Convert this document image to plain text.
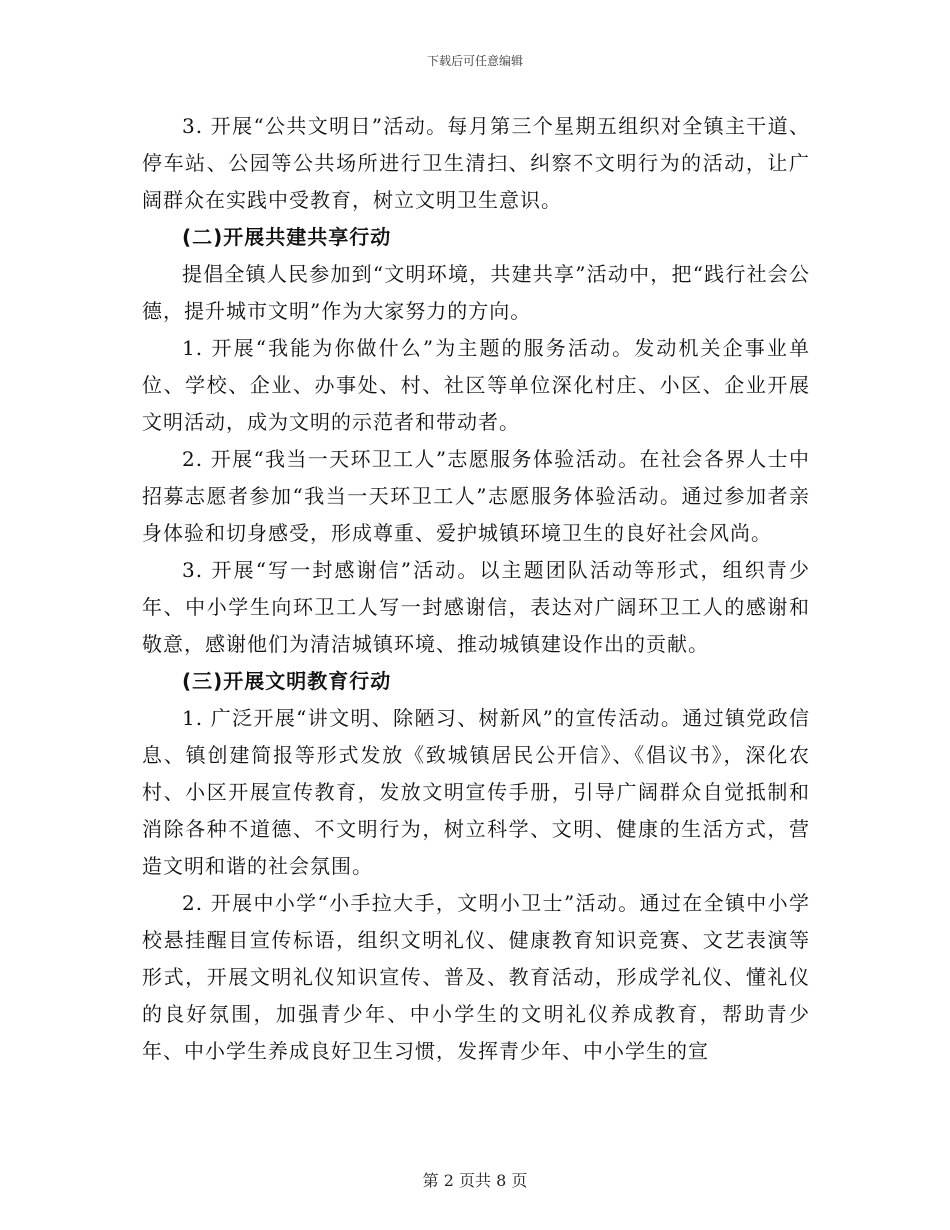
下载后可任意编辑

3. 开展“公共文明日”活动。每月第三个星期五组织对全镇主干道、停车站、公园等公共场所进行卫生清扫、纠察不文明行为的活动，让广阔群众在实践中受教育，树立文明卫生意识。

(二)开展共建共享行动

提倡全镇人民参加到“文明环境，共建共享”活动中，把“践行社会公德，提升城市文明”作为大家努力的方向。

1. 开展“我能为你做什么”为主题的服务活动。发动机关企事业单位、学校、企业、办事处、村、社区等单位深化村庄、小区、企业开展文明活动，成为文明的示范者和带动者。

2. 开展“我当一天环卫工人”志愿服务体验活动。在社会各界人士中招募志愿者参加“我当一天环卫工人”志愿服务体验活动。通过参加者亲身体验和切身感受，形成尊重、爱护城镇环境卫生的良好社会风尚。

3. 开展“写一封感谢信”活动。以主题团队活动等形式，组织青少年、中小学生向环卫工人写一封感谢信，表达对广阔环卫工人的感谢和敬意，感谢他们为清洁城镇环境、推动城镇建设作出的贡献。

(三)开展文明教育行动

1. 广泛开展“讲文明、除陋习、树新风”的宣传活动。通过镇党政信息、镇创建简报等形式发放《致城镇居民公开信》、《倡议书》，深化农村、小区开展宣传教育，发放文明宣传手册，引导广阔群众自觉抵制和消除各种不道德、不文明行为，树立科学、文明、健康的生活方式，营造文明和谐的社会氛围。

2. 开展中小学“小手拉大手，文明小卫士”活动。通过在全镇中小学校悬挂醒目宣传标语，组织文明礼仪、健康教育知识竞赛、文艺表演等形式，开展文明礼仪知识宣传、普及、教育活动，形成学礼仪、懂礼仪的良好氛围，加强青少年、中小学生的文明礼仪养成教育，帮助青少年、中小学生养成良好卫生习惯，发挥青少年、中小学生的宣

第 2 页共 8 页
